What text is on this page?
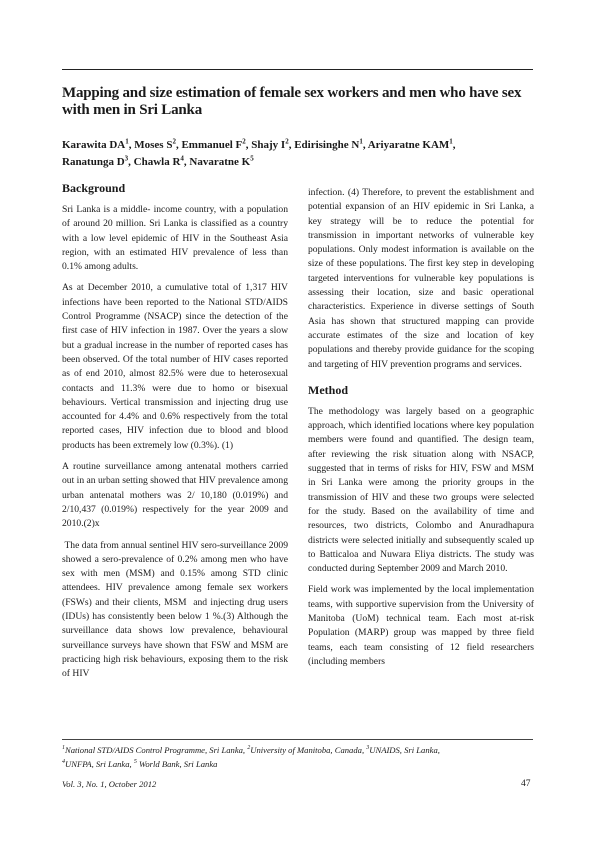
Mapping and size estimation of female sex workers and men who have sex with men in Sri Lanka
Karawita $DA^1$, Moses $S^2$, Emmanuel $F^2$, Shajy $I^2$, Edirisinghe $N^1$, Ariyaratne KAM$^1$,
Ranatunga $D^3$, Chawla $R^4$, Navaratne $K^5$
Background

Sri Lanka is a middle- income country, with a population of around 20 million. Sri Lanka is classified as a country with a low level epidemic of HIV in the Southeast Asia region, with an estimated HIV prevalence of less than 0.1% among adults.

As at December 2010, a cumulative total of 1,317 HIV infections have been reported to the National STD/AIDS Control Programme (NSACP) since the detection of the first case of HIV infection in 1987. Over the years a slow but a gradual increase in the number of reported cases has been observed. Of the total number of HIV cases reported as of end 2010, almost 82.5% were due to heterosexual contacts and 11.3% were due to homo or bisexual behaviours. Vertical transmission and injecting drug use accounted for 4.4% and 0.6% respectively from the total reported cases, HIV infection due to blood and blood products has been extremely low (0.3%). (1)

A routine surveillance among antenatal mothers carried out in an urban setting showed that HIV prevalence among urban antenatal mothers was 2/ 10,180 (0.019%) and 2/10,437 (0.019%) respectively for the year 2009 and 2010.(2)x

The data from annual sentinel HIV sero-surveillance 2009 showed a sero-prevalence of 0.2% among men who have sex with men (MSM) and 0.15% among STD clinic attendees. HIV prevalence among female sex workers (FSWs) and their clients, MSM  and injecting drug users (IDUs) has consistently been below 1 %.(3) Although the surveillance data shows low prevalence, behavioural surveillance surveys have shown that FSW and MSM are practicing high risk behaviours, exposing them to the risk of HIV

infection. (4) Therefore, to prevent the establishment and potential expansion of an HIV epidemic in Sri Lanka, a key strategy will be to reduce the potential for transmission in important networks of vulnerable key populations. Only modest information is available on the size of these populations. The first key step in developing targeted interventions for vulnerable key populations is assessing their location, size and basic operational characteristics. Experience in diverse settings of South Asia has shown that structured mapping can provide accurate estimates of the size and location of key populations and thereby provide guidance for the scoping and targeting of HIV prevention programs and services.

Method

The methodology was largely based on a geographic approach, which identified locations where key population members were found and quantified. The design team, after reviewing the risk situation along with NSACP, suggested that in terms of risks for HIV, FSW and MSM in Sri Lanka were among the priority groups in the transmission of HIV and these two groups were selected for the study. Based on the availability of time and resources, two districts, Colombo and Anuradhapura districts were selected initially and subsequently scaled up to Batticaloa and Nuwara Eliya districts. The study was conducted during September 2009 and March 2010.

Field work was implemented by the local implementation teams, with supportive supervision from the University of Manitoba (UoM) technical team. Each most at-risk Population (MARP) group was mapped by three field teams, each team consisting of 12 field researchers (including members

$^1$National STD/AIDS Control Programme, Sri Lanka, $^2$University of Manitoba, Canada, $^3$UNAIDS, Sri Lanka,
$^4$UNFPA, Sri Lanka, $^5$ World Bank, Sri Lanka
Vol. 3, No. 1, October 2012	47
